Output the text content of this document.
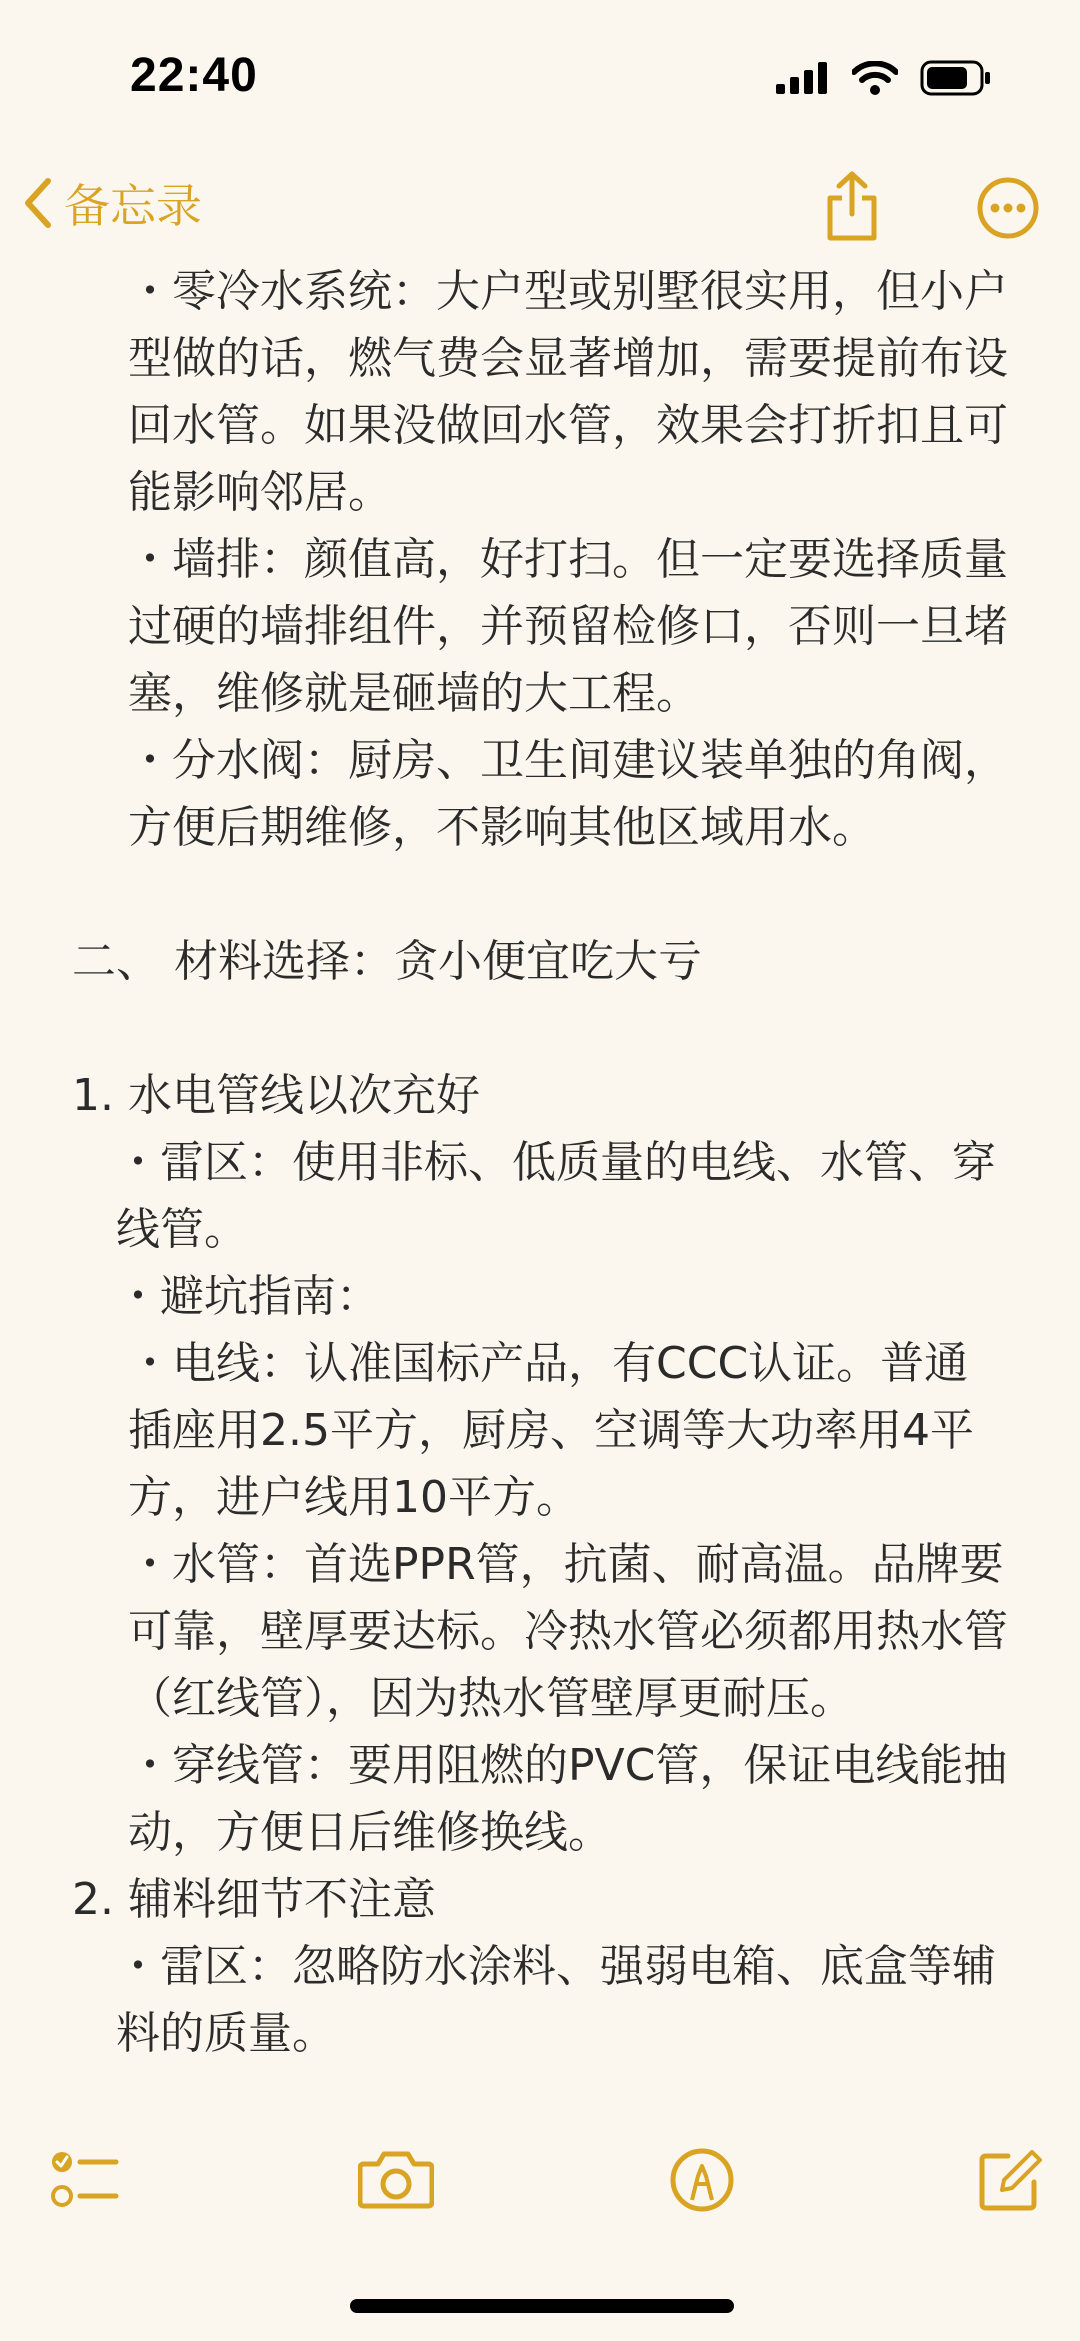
22:40
备忘录

・零冷水系统：大户型或别墅很实用，但小户型做的话，燃气费会显著增加，需要提前布设回水管。如果没做回水管，效果会打折扣且可能影响邻居。

・墙排：颜值高，好打扫。但一定要选择质量过硬的墙排组件，并预留检修口，否则一旦堵塞，维修就是砸墙的大工程。

・分水阀：厨房、卫生间建议装单独的角阀，方便后期维修，不影响其他区域用水。

二、 材料选择：贪小便宜吃大亏

1. 水电管线以次充好

・雷区：使用非标、低质量的电线、水管、穿线管。

・避坑指南：

・电线：认准国标产品，有CCC认证。普通插座用2.5平方，厨房、空调等大功率用4平方，进户线用10平方。

・水管：首选PPR管，抗菌、耐高温。品牌要可靠，壁厚要达标。冷热水管必须都用热水管（红线管），因为热水管壁厚更耐压。

・穿线管：要用阻燃的PVC管，保证电线能抽动，方便日后维修换线。

2. 辅料细节不注意

・雷区：忽略防水涂料、强弱电箱、底盒等辅料的质量。
